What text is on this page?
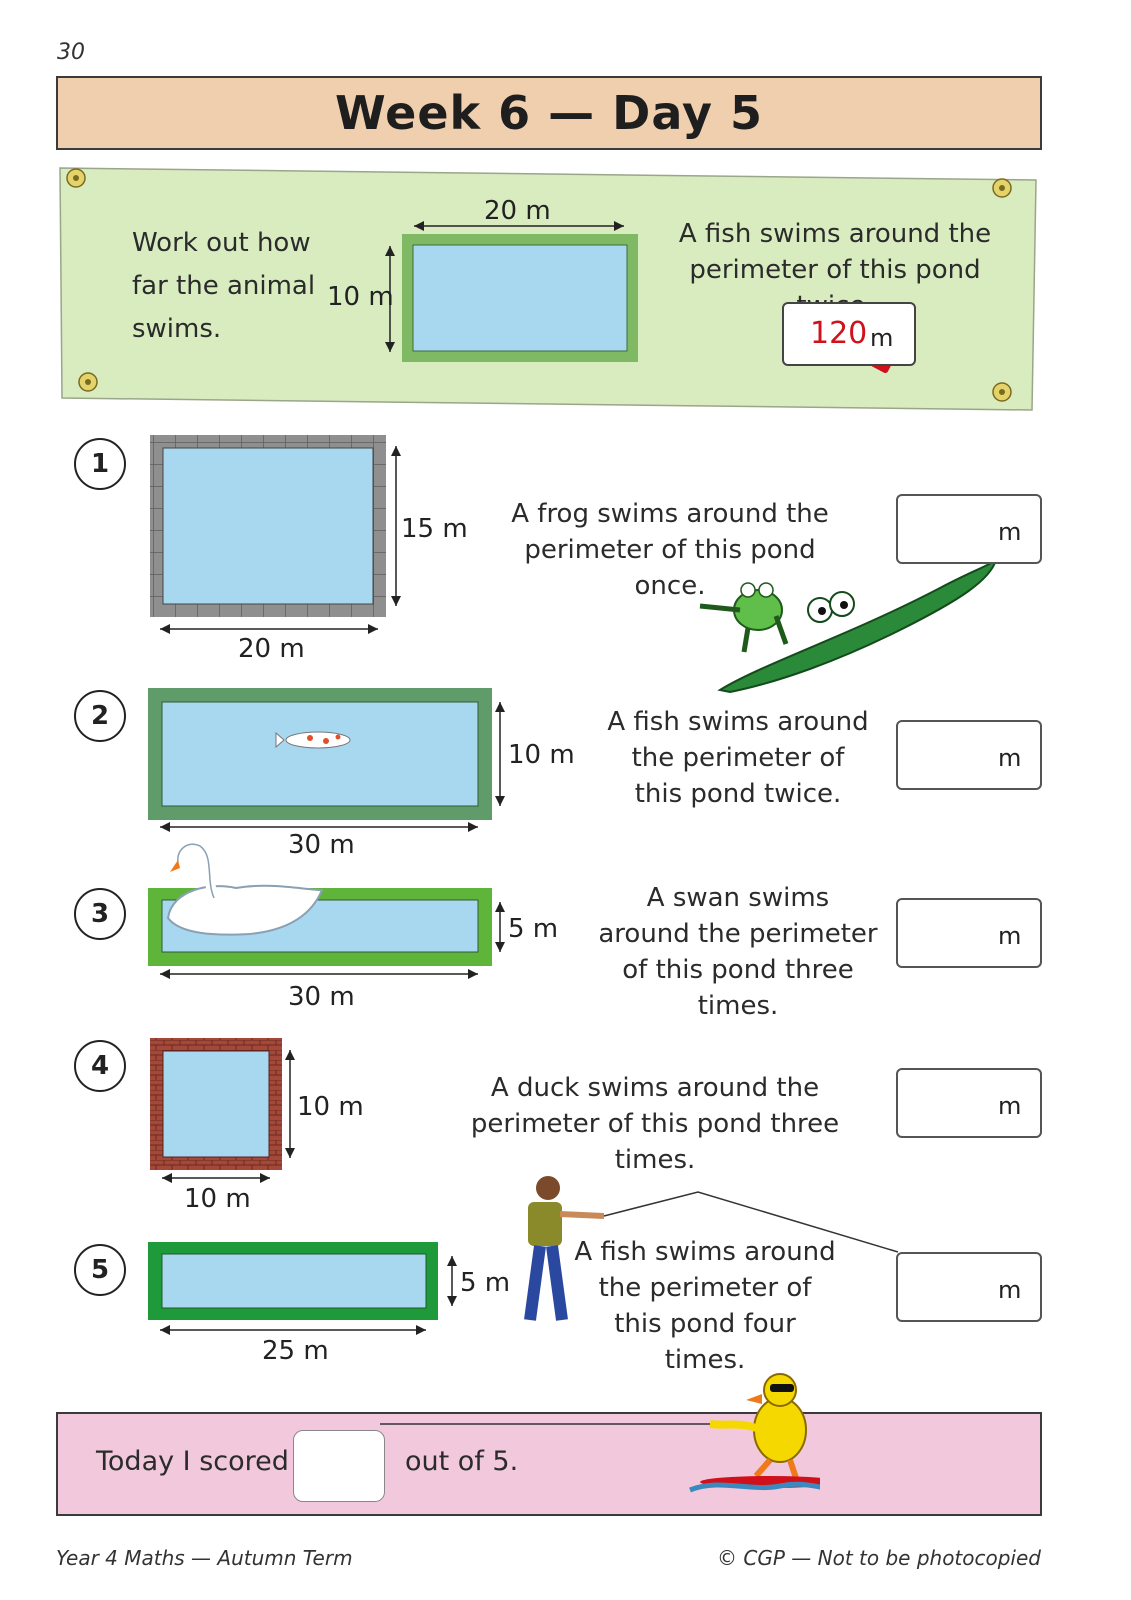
30
Week 6 — Day 5
Work out how far the animal swims.
20 m
10 m
A fish swims around the perimeter of this pond
120 m
1
20 m
15 m	A frog swims around the perimeter of this pond once.
m
2
30 m
10 m
A fish swims around the perimeter of this pond twice.
m
3
30 m
5 m
A swan swims around the perimeter of this pond three times.
m
4
10 m
10 m
A duck swims around the perimeter of this pond three times.
m
5
25 m
5 m
A fish swims around the perimeter of this pond four times.
m
Today I scored	out of 5.
Year 4 Maths — Autumn Term	© CGP — Not to be photocopied
